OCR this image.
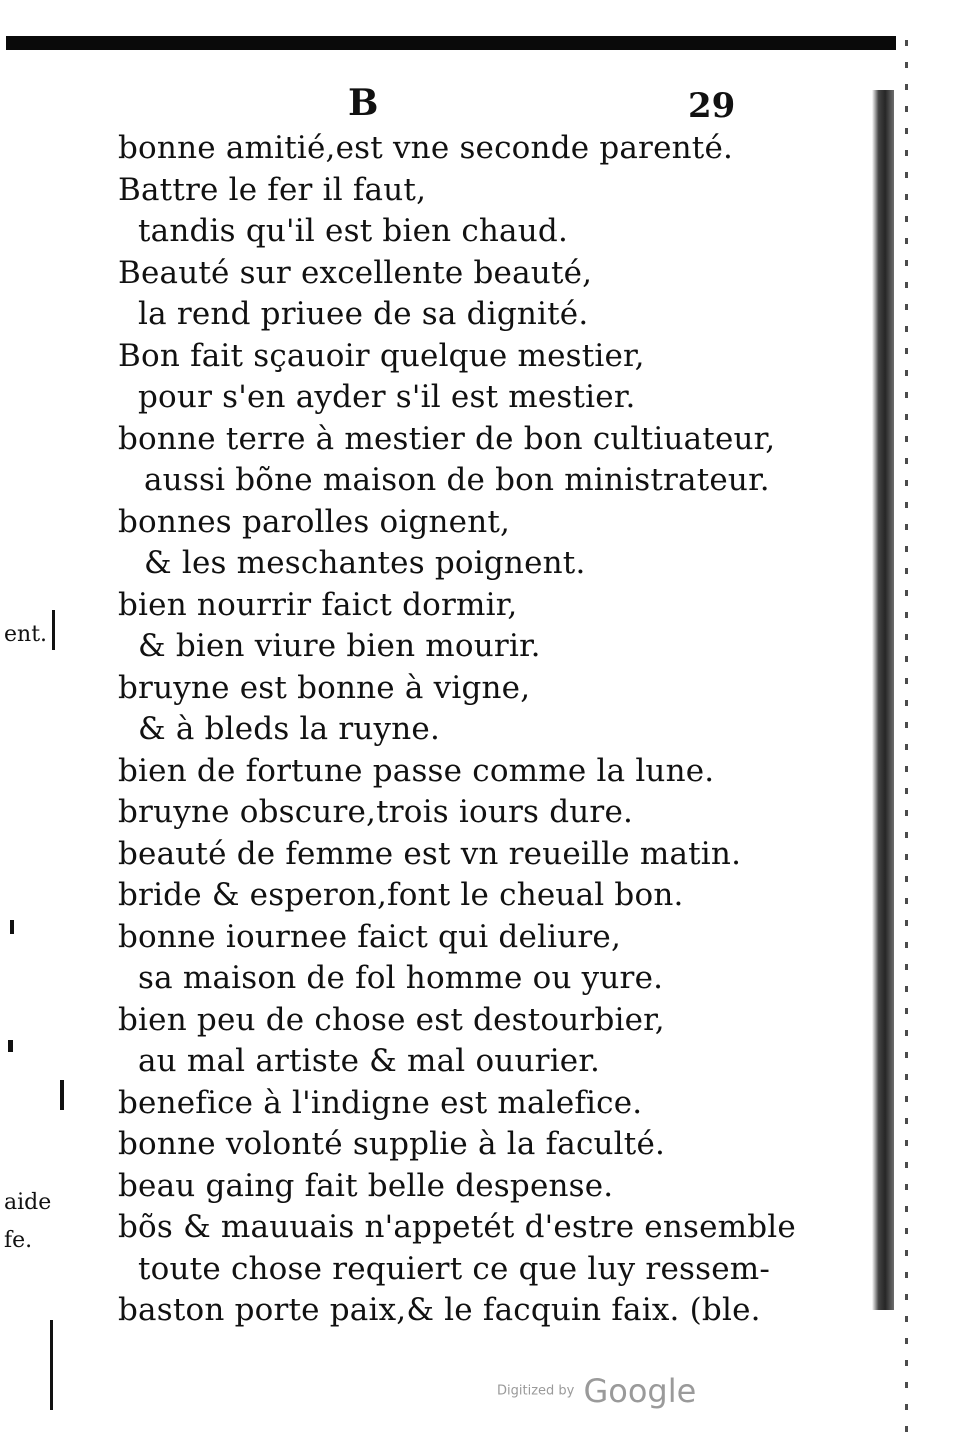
ent.
aide
fe.
B	29
bonne amitié,est vne seconde parenté.
Battre le fer il faut,
tandis qu'il est bien chaud.
Beauté sur excellente beauté,
la rend priuee de sa dignité.
Bon fait sçauoir quelque mestier,
pour s'en ayder s'il est mestier.
bonne terre à mestier de bon cultiuateur,
aussi bõne maison de bon ministrateur.
bonnes parolles oignent,
& les meschantes poignent.
bien nourrir faict dormir,
& bien viure bien mourir.
bruyne est bonne à vigne,
& à bleds la ruyne.
bien de fortune passe comme la lune.
bruyne obscure,trois iours dure.
beauté de femme est vn reueille matin.
bride & esperon,font le cheual bon.
bonne iournee faict qui deliure,
sa maison de fol homme ou yure.
bien peu de chose est destourbier,
au mal artiste & mal ouurier.
benefice à l'indigne est malefice.
bonne volonté supplie à la faculté.
beau gaing fait belle despense.
bõs & mauuais n'appetét d'estre ensemble
toute chose requiert ce que luy ressem-
baston porte paix,& le facquin faix. (ble.
Digitized by Google
